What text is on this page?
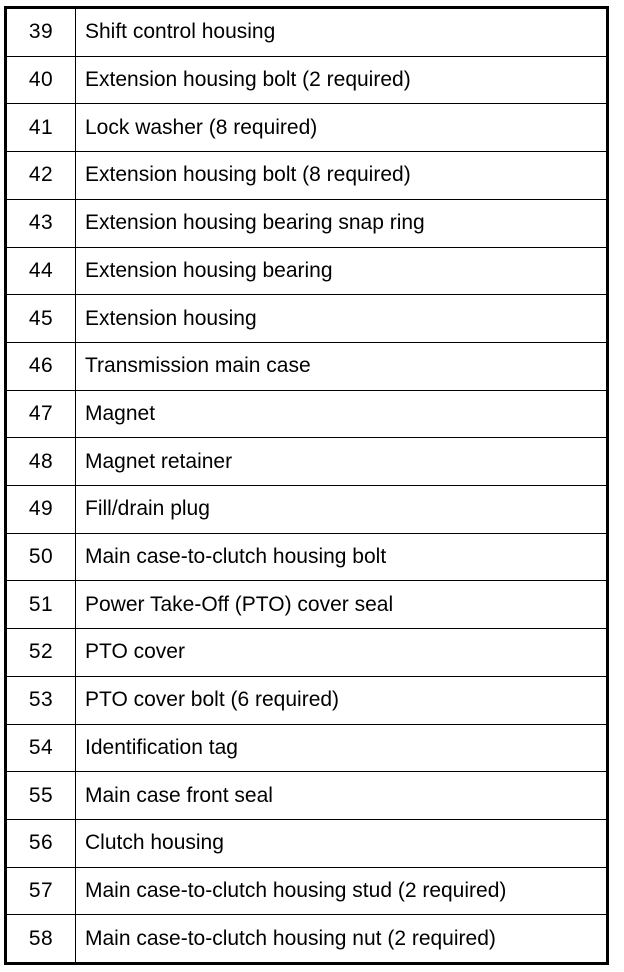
39	Shift control housing
40	Extension housing bolt (2 required)
41	Lock washer (8 required)
42	Extension housing bolt (8 required)
43	Extension housing bearing snap ring
44	Extension housing bearing
45	Extension housing
46	Transmission main case
47	Magnet
48	Magnet retainer
49	Fill/drain plug
50	Main case-to-clutch housing bolt
51	Power Take-Off (PTO) cover seal
52	PTO cover
53	PTO cover bolt (6 required)
54	Identification tag
55	Main case front seal
56	Clutch housing
57	Main case-to-clutch housing stud (2 required)
58	Main case-to-clutch housing nut (2 required)
